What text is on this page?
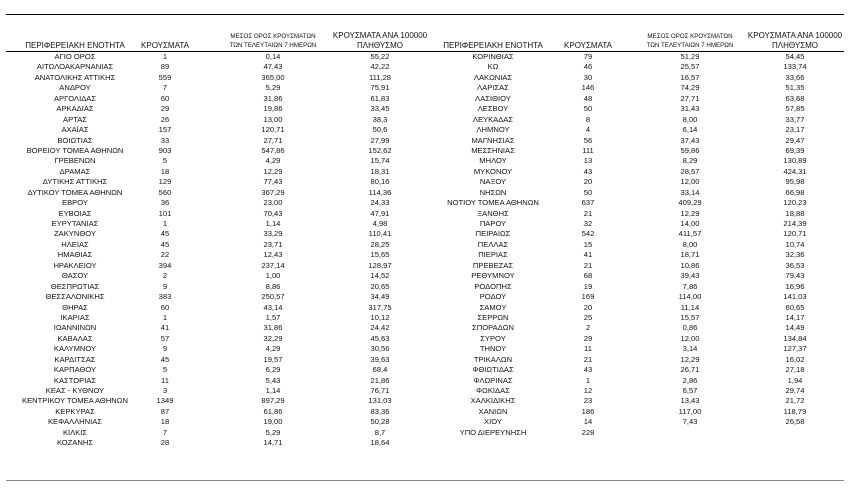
ΠΕΡΙΦΕΡΕΙΑΚΗ ΕΝΟΤΗΤΑ	ΚΡΟΥΣΜΑΤΑ
ΜΕΣΟΣ ΟΡΟΣ ΚΡΟΥΣΜΑΤΩΝ
ΤΩΝ ΤΕΛΕΥΤΑΙΩΝ 7 ΗΜΕΡΩΝ
ΚΡΟΥΣΜΑΤΑ ΑΝΑ 100000
ΠΛΗΘΥΣΜΟ	ΠΕΡΙΦΕΡΕΙΑΚΗ ΕΝΟΤΗΤΑ	ΚΡΟΥΣΜΑΤΑ
ΜΕΣΟΣ ΟΡΟΣ ΚΡΟΥΣΜΑΤΩΝ
ΤΩΝ ΤΕΛΕΥΤΑΙΩΝ 7 ΗΜΕΡΩΝ
ΚΡΟΥΣΜΑΤΑ ΑΝΑ 100000
ΠΛΗΘΥΣΜΟ
ΑΓΙΟ ΟΡΟΣ	1	0,14	55,22
ΑΙΤΩΛΟΑΚΑΡΝΑΝΙΑΣ	89	47,43	42,22
ΑΝΑΤΟΛΙΚΗΣ ΑΤΤΙΚΗΣ	559	365,00	111,28
ΑΝΔΡΟΥ	7	5,29	75,91
ΑΡΓΟΛΙΔΑΣ	60	31,86	61,83
ΑΡΚΑΔΙΑΣ	29	19,86	33,45
ΑΡΤΑΣ	26	13,00	38,3
ΑΧΑΪΑΣ	157	120,71	50,6
ΒΟΙΩΤΙΑΣ	33	27,71	27,99
ΒΟΡΕΙΟΥ ΤΟΜΕΑ ΑΘΗΝΩΝ	903	547,86	152,62
ΓΡΕΒΕΝΩΝ	5	4,29	15,74
ΔΡΑΜΑΣ	18	12,29	18,31
ΔΥΤΙΚΗΣ ΑΤΤΙΚΗΣ	129	77,43	80,16
ΔΥΤΙΚΟΥ ΤΟΜΕΑ ΑΘΗΝΩΝ	560	367,29	114,36
ΕΒΡΟΥ	36	23,00	24,33
ΕΥΒΟΙΑΣ	101	70,43	47,91
ΕΥΡΥΤΑΝΙΑΣ	1	1,14	4,98
ΖΑΚΥΝΘΟΥ	45	33,29	110,41
ΗΛΕΙΑΣ	45	23,71	28,25
ΗΜΑΘΙΑΣ	22	12,43	15,65
ΗΡΑΚΛΕΙΟΥ	394	237,14	128,97
ΘΑΣΟΥ	2	1,00	14,52
ΘΕΣΠΡΩΤΙΑΣ	9	8,86	20,65
ΘΕΣΣΑΛΟΝΙΚΗΣ	383	250,57	34,49
ΘΗΡΑΣ	60	43,14	317,75
ΙΚΑΡΙΑΣ	1	1,57	10,12
ΙΩΑΝΝΙΝΩΝ	41	31,86	24,42
ΚΑΒΑΛΑΣ	57	32,29	45,63
ΚΑΛΥΜΝΟΥ	9	4,29	30,56
ΚΑΡΔΙΤΣΑΣ	45	19,57	39,63
ΚΑΡΠΑΘΟΥ	5	6,29	68,4
ΚΑΣΤΟΡΙΑΣ	11	5,43	21,86
ΚΕΑΣ - ΚΥΘΝΟΥ	3	1,14	76,71
ΚΕΝΤΡΙΚΟΥ ΤΟΜΕΑ ΑΘΗΝΩΝ	1349	897,29	131,03
ΚΕΡΚΥΡΑΣ	87	61,86	83,36
ΚΕΦΑΛΛΗΝΙΑΣ	18	19,00	50,28
ΚΙΛΚΙΣ	7	5,29	8,7
ΚΟΖΑΝΗΣ	28	14,71	18,64
ΚΟΡΙΝΘΙΑΣ	79	51,29	54,45
ΚΩ	46	25,57	133,74
ΛΑΚΩΝΙΑΣ	30	16,57	33,66
ΛΑΡΙΣΑΣ	146	74,29	51,35
ΛΑΣΙΘΙΟΥ	48	27,71	63,68
ΛΕΣΒΟΥ	50	31,43	57,85
ΛΕΥΚΑΔΑΣ	8	8,00	33,77
ΛΗΜΝΟΥ	4	6,14	23,17
ΜΑΓΝΗΣΙΑΣ	56	37,43	29,47
ΜΕΣΣΗΝΙΑΣ	111	59,86	69,39
ΜΗΛΟΥ	13	8,29	130,89
ΜΥΚΟΝΟΥ	43	28,57	424,31
ΝΑΞΟΥ	20	12,00	95,98
ΝΗΣΩΝ	50	33,14	66,98
ΝΟΤΙΟΥ ΤΟΜΕΑ ΑΘΗΝΩΝ	637	409,29	120,23
ΞΑΝΘΗΣ	21	12,29	18,88
ΠΑΡΟΥ	32	14,00	214,39
ΠΕΙΡΑΙΩΣ	542	411,57	120,71
ΠΕΛΛΑΣ	15	8,00	10,74
ΠΙΕΡΙΑΣ	41	18,71	32,36
ΠΡΕΒΕΖΑΣ	21	10,86	36,53
ΡΕΘΥΜΝΟΥ	68	39,43	79,43
ΡΟΔΟΠΗΣ	19	7,86	16,96
ΡΟΔΟΥ	169	114,00	141,03
ΣΑΜΟΥ	20	11,14	60,65
ΣΕΡΡΩΝ	25	15,57	14,17
ΣΠΟΡΑΔΩΝ	2	0,86	14,49
ΣΥΡΟΥ	29	12,00	134,84
ΤΗΝΟΥ	11	3,14	127,37
ΤΡΙΚΑΛΩΝ	21	12,29	16,02
ΦΘΙΩΤΙΔΑΣ	43	26,71	27,18
ΦΛΩΡΙΝΑΣ	1	2,86	1,94
ΦΩΚΙΔΑΣ	12	6,57	29,74
ΧΑΛΚΙΔΙΚΗΣ	23	13,43	21,72
ΧΑΝΙΩΝ	186	117,00	118,79
ΧΙΟΥ	14	7,43	26,58
ΥΠΟ ΔΙΕΡΕΥΝΗΣΗ	228
